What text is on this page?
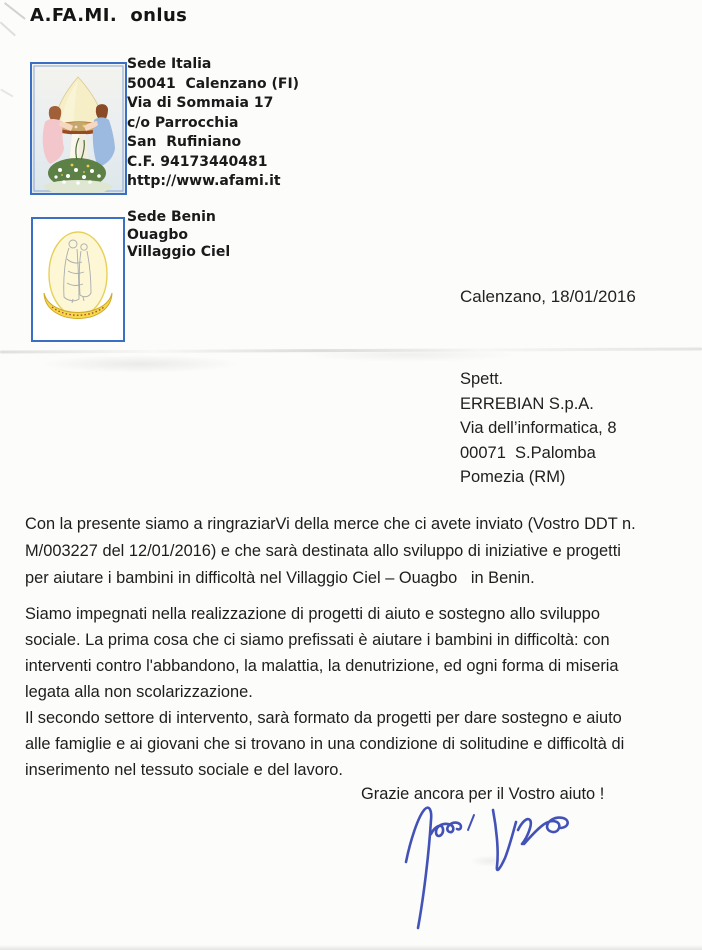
A.FA.MI.  onlus
Sede Italia
50041  Calenzano (FI)
Via di Sommaia 17
c/o Parrocchia
San  Rufiniano
C.F. 94173440481
http://www.afami.it
Sede Benin
Ouagbo
Villaggio Ciel
Calenzano, 18/01/2016
Spett.
ERREBIAN S.p.A.
Via dell’informatica, 8
00071  S.Palomba
Pomezia (RM)
Con la presente siamo a ringraziarVi della merce che ci avete inviato (Vostro DDT n.
M/003227 del 12/01/2016) e che sarà destinata allo sviluppo di iniziative e progetti
per aiutare i bambini in difficoltà nel Villaggio Ciel – Ouagbo   in Benin.
Siamo impegnati nella realizzazione di progetti di aiuto e sostegno allo sviluppo
sociale. La prima cosa che ci siamo prefissati è aiutare i bambini in difficoltà: con
interventi contro l'abbandono, la malattia, la denutrizione, ed ogni forma di miseria
legata alla non scolarizzazione.
Il secondo settore di intervento, sarà formato da progetti per dare sostegno e aiuto
alle famiglie e ai giovani che si trovano in una condizione di solitudine e difficoltà di
inserimento nel tessuto sociale e del lavoro.
Grazie ancora per il Vostro aiuto !
